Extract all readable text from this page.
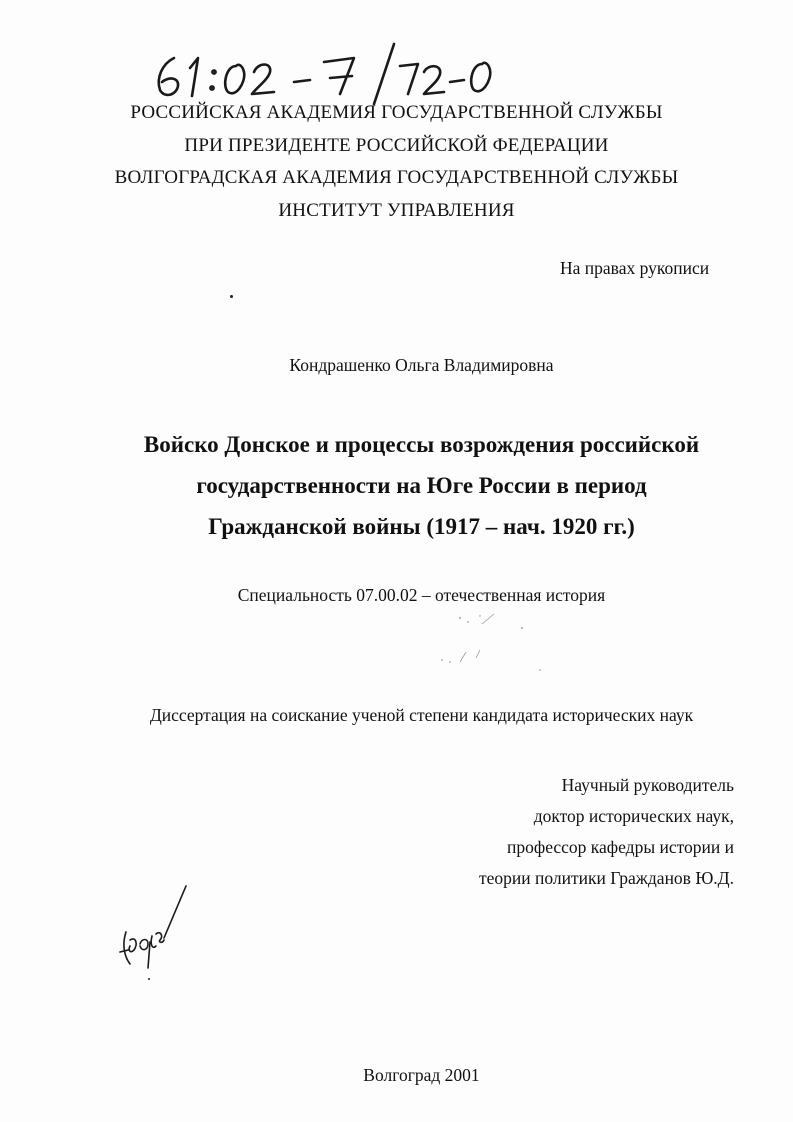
РОССИЙСКАЯ АКАДЕМИЯ ГОСУДАРСТВЕННОЙ СЛУЖБЫ
ПРИ ПРЕЗИДЕНТЕ РОССИЙСКОЙ ФЕДЕРАЦИИ
ВОЛГОГРАДСКАЯ АКАДЕМИЯ ГОСУДАРСТВЕННОЙ СЛУЖБЫ
ИНСТИТУТ УПРАВЛЕНИЯ
На правах рукописи
Кондрашенко Ольга Владимировна
Войско Донское и процессы возрождения российской
государственности на Юге России в период
Гражданской войны (1917 – нач. 1920 гг.)
Специальность 07.00.02 – отечественная история
Диссертация на соискание ученой степени кандидата исторических наук
Научный руководитель
доктор исторических наук,
профессор кафедры истории и
теории политики Гражданов Ю.Д.
Волгоград 2001
